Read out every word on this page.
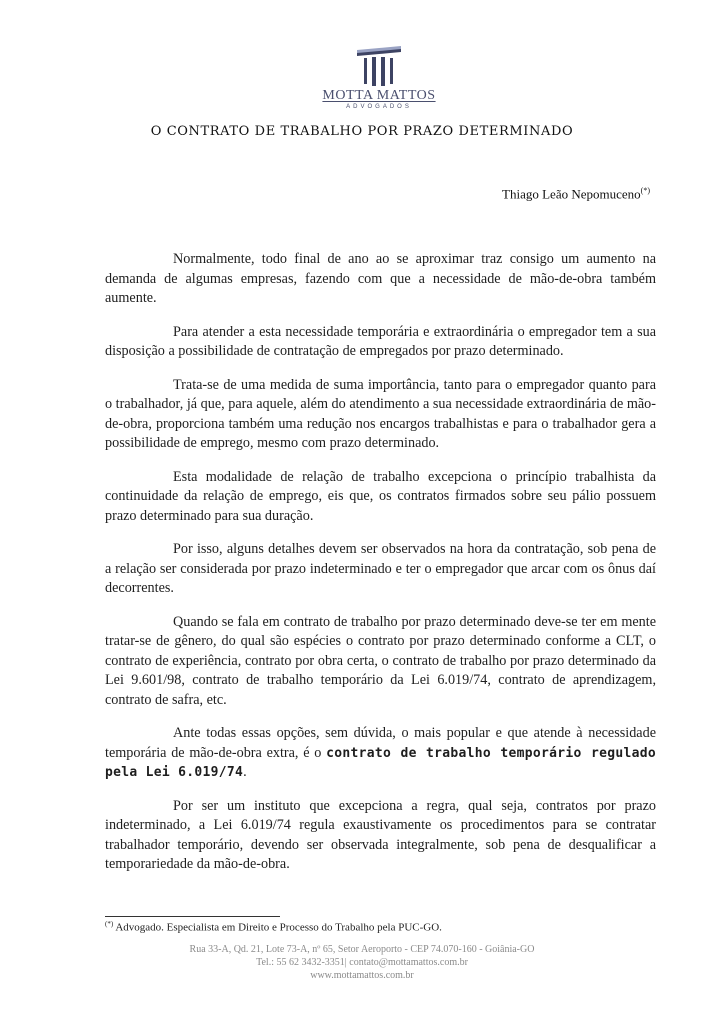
MOTTA MATTOS
ADVOGADOS
O CONTRATO DE TRABALHO POR PRAZO DETERMINADO
Thiago Leão Nepomuceno(*)

Normalmente, todo final de ano ao se aproximar traz consigo um aumento na demanda de algumas empresas, fazendo com que a necessidade de mão-de-obra também aumente.

Para atender a esta necessidade temporária e extraordinária o empregador tem a sua disposição a possibilidade de contratação de empregados por prazo determinado.

Trata-se de uma medida de suma importância, tanto para o empregador quanto para o trabalhador, já que, para aquele, além do atendimento a sua necessidade extraordinária de mão-de-obra, proporciona também uma redução nos encargos trabalhistas e para o trabalhador gera a possibilidade de emprego, mesmo com prazo determinado.

Esta modalidade de relação de trabalho excepciona o princípio trabalhista da continuidade da relação de emprego, eis que, os contratos firmados sobre seu pálio possuem prazo determinado para sua duração.

Por isso, alguns detalhes devem ser observados na hora da contratação, sob pena de a relação ser considerada por prazo indeterminado e ter o empregador que arcar com os ônus daí decorrentes.

Quando se fala em contrato de trabalho por prazo determinado deve-se ter em mente tratar-se de gênero, do qual são espécies o contrato por prazo determinado conforme a CLT, o contrato de experiência, contrato por obra certa, o contrato de trabalho por prazo determinado da Lei 9.601/98, contrato de trabalho temporário da Lei 6.019/74, contrato de aprendizagem, contrato de safra, etc.

Ante todas essas opções, sem dúvida, o mais popular e que atende à necessidade temporária de mão-de-obra extra, é o contrato de trabalho temporário regulado pela Lei 6.019/74.

Por ser um instituto que excepciona a regra, qual seja, contratos por prazo indeterminado, a Lei 6.019/74 regula exaustivamente os procedimentos para se contratar trabalhador temporário, devendo ser observada integralmente, sob pena de desqualificar a temporariedade da mão-de-obra.

(*) Advogado. Especialista em Direito e Processo do Trabalho pela PUC-GO.
Rua 33-A, Qd. 21, Lote 73-A, nº 65, Setor Aeroporto - CEP 74.070-160 - Goiânia-GO
Tel.: 55 62 3432-3351| contato@mottamattos.com.br
www.mottamattos.com.br
